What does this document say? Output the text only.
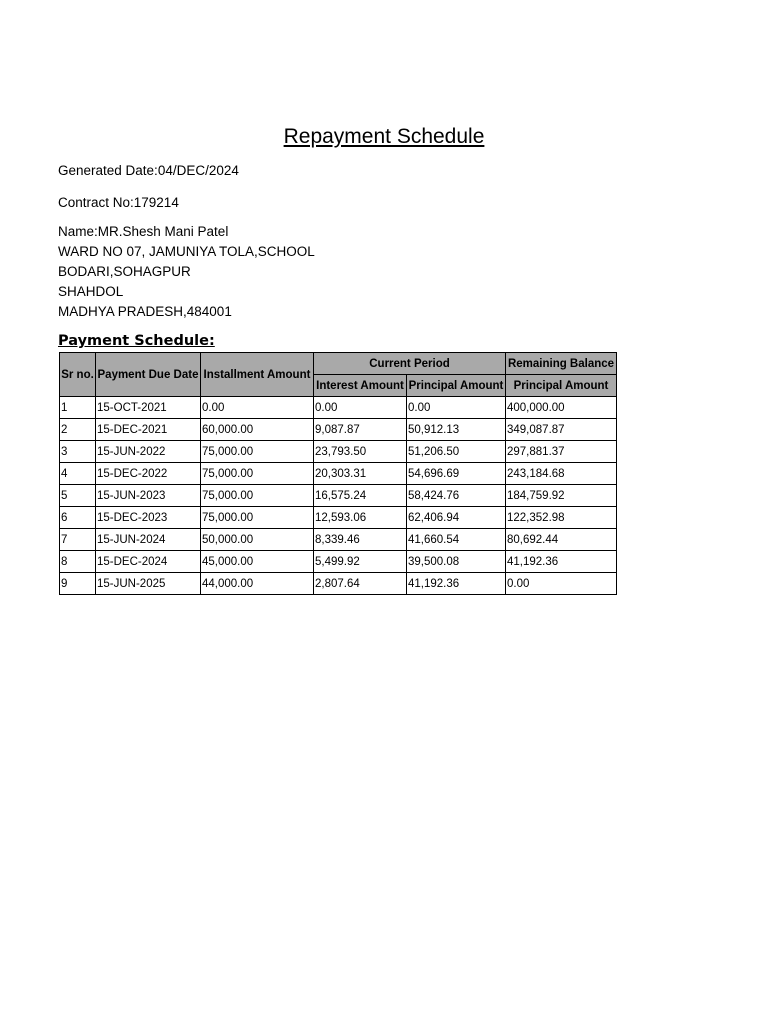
Repayment Schedule
Generated Date:04/DEC/2024
Contract No:179214
Name:MR.Shesh Mani Patel
WARD NO 07, JAMUNIYA TOLA,SCHOOL
BODARI,SOHAGPUR
SHAHDOL
MADHYA PRADESH,484001
Payment Schedule:
Sr no.	Payment Due Date	Installment Amount	Current Period		Remaining Balance
			Interest Amount	Principal Amount	Principal Amount
1	15-OCT-2021	0.00	0.00	0.00	400,000.00
2	15-DEC-2021	60,000.00	9,087.87	50,912.13	349,087.87
3	15-JUN-2022	75,000.00	23,793.50	51,206.50	297,881.37
4	15-DEC-2022	75,000.00	20,303.31	54,696.69	243,184.68
5	15-JUN-2023	75,000.00	16,575.24	58,424.76	184,759.92
6	15-DEC-2023	75,000.00	12,593.06	62,406.94	122,352.98
7	15-JUN-2024	50,000.00	8,339.46	41,660.54	80,692.44
8	15-DEC-2024	45,000.00	5,499.92	39,500.08	41,192.36
9	15-JUN-2025	44,000.00	2,807.64	41,192.36	0.00
